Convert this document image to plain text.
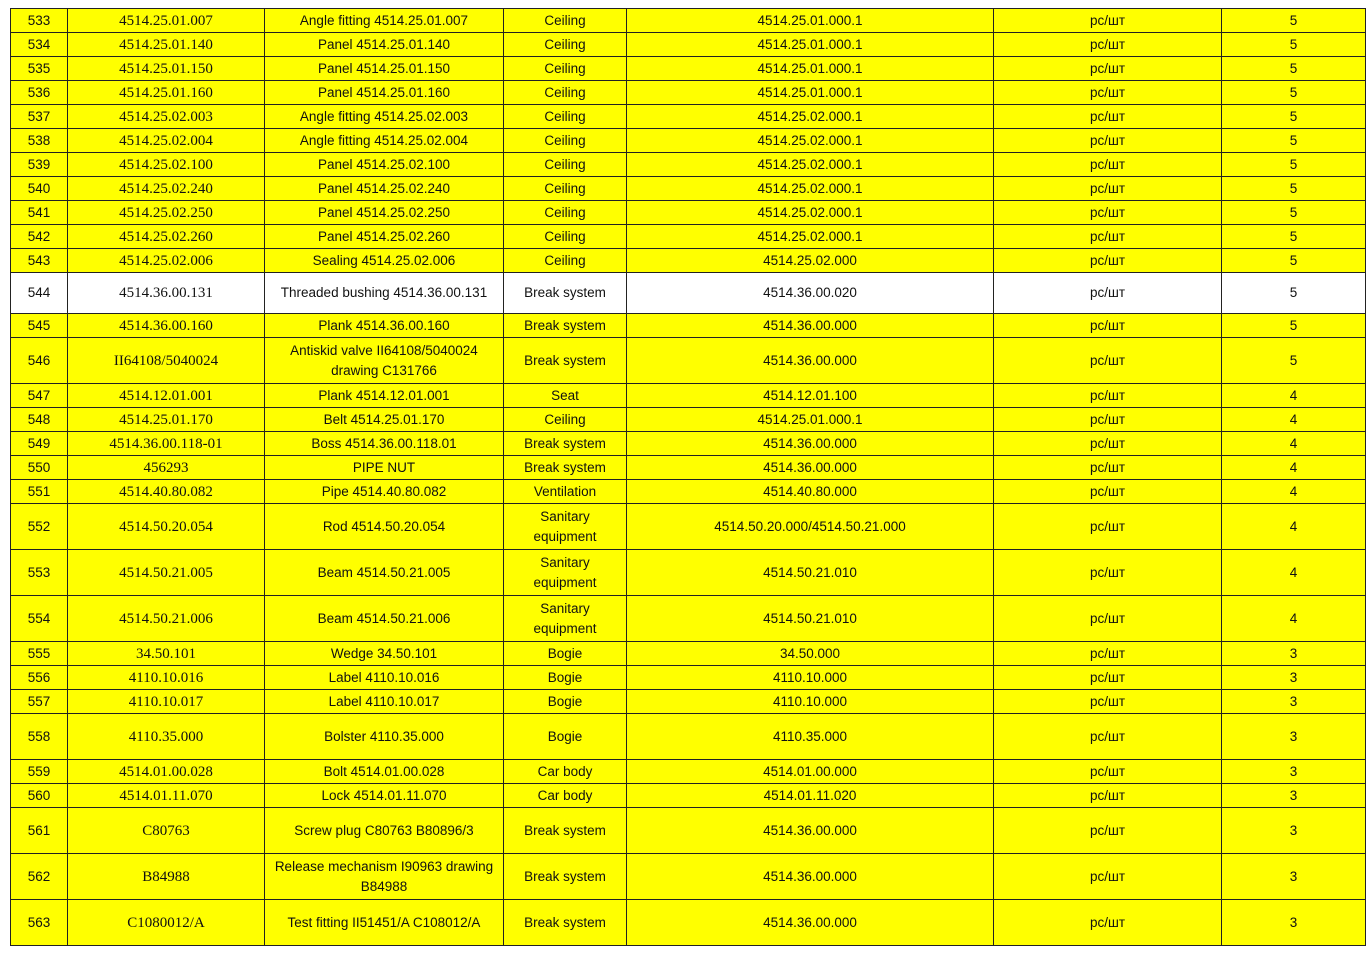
533	4514.25.01.007	Angle fitting 4514.25.01.007	Ceiling	4514.25.01.000.1	pc/шт	5
534	4514.25.01.140	Panel 4514.25.01.140	Ceiling	4514.25.01.000.1	pc/шт	5
535	4514.25.01.150	Panel 4514.25.01.150	Ceiling	4514.25.01.000.1	pc/шт	5
536	4514.25.01.160	Panel 4514.25.01.160	Ceiling	4514.25.01.000.1	pc/шт	5
537	4514.25.02.003	Angle fitting 4514.25.02.003	Ceiling	4514.25.02.000.1	pc/шт	5
538	4514.25.02.004	Angle fitting 4514.25.02.004	Ceiling	4514.25.02.000.1	pc/шт	5
539	4514.25.02.100	Panel 4514.25.02.100	Ceiling	4514.25.02.000.1	pc/шт	5
540	4514.25.02.240	Panel 4514.25.02.240	Ceiling	4514.25.02.000.1	pc/шт	5
541	4514.25.02.250	Panel 4514.25.02.250	Ceiling	4514.25.02.000.1	pc/шт	5
542	4514.25.02.260	Panel 4514.25.02.260	Ceiling	4514.25.02.000.1	pc/шт	5
543	4514.25.02.006	Sealing 4514.25.02.006	Ceiling	4514.25.02.000	pc/шт	5
544	4514.36.00.131	Threaded bushing 4514.36.00.131	Break system	4514.36.00.020	pc/шт	5
545	4514.36.00.160	Plank 4514.36.00.160	Break system	4514.36.00.000	pc/шт	5
546	II64108/5040024	Antiskid valve II64108/5040024 drawing C131766	Break system	4514.36.00.000	pc/шт	5
547	4514.12.01.001	Plank 4514.12.01.001	Seat	4514.12.01.100	pc/шт	4
548	4514.25.01.170	Belt 4514.25.01.170	Ceiling	4514.25.01.000.1	pc/шт	4
549	4514.36.00.118-01	Boss 4514.36.00.118.01	Break system	4514.36.00.000	pc/шт	4
550	456293	PIPE NUT	Break system	4514.36.00.000	pc/шт	4
551	4514.40.80.082	Pipe 4514.40.80.082	Ventilation	4514.40.80.000	pc/шт	4
552	4514.50.20.054	Rod 4514.50.20.054	Sanitary equipment	4514.50.20.000/4514.50.21.000	pc/шт	4
553	4514.50.21.005	Beam 4514.50.21.005	Sanitary equipment	4514.50.21.010	pc/шт	4
554	4514.50.21.006	Beam 4514.50.21.006	Sanitary equipment	4514.50.21.010	pc/шт	4
555	34.50.101	Wedge 34.50.101	Bogie	34.50.000	pc/шт	3
556	4110.10.016	Label 4110.10.016	Bogie	4110.10.000	pc/шт	3
557	4110.10.017	Label 4110.10.017	Bogie	4110.10.000	pc/шт	3
558	4110.35.000	Bolster 4110.35.000	Bogie	4110.35.000	pc/шт	3
559	4514.01.00.028	Bolt 4514.01.00.028	Car body	4514.01.00.000	pc/шт	3
560	4514.01.11.070	Lock 4514.01.11.070	Car body	4514.01.11.020	pc/шт	3
561	C80763	Screw plug C80763 B80896/3	Break system	4514.36.00.000	pc/шт	3
562	B84988	Release mechanism I90963 drawing B84988	Break system	4514.36.00.000	pc/шт	3
563	C1080012/A	Test fitting II51451/A C108012/A	Break system	4514.36.00.000	pc/шт	3
